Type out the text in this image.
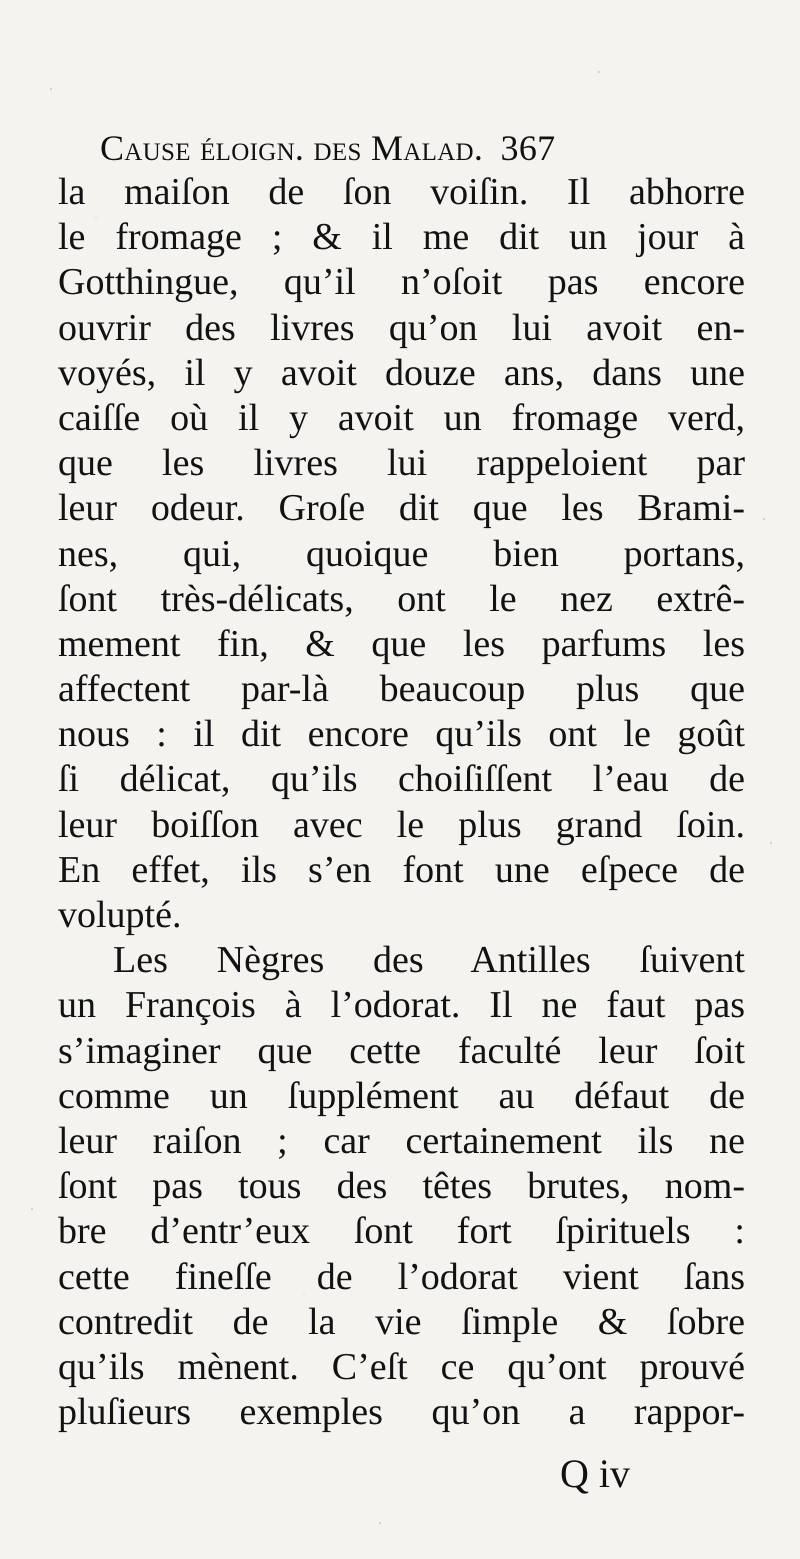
Cause éloign. des Malad. 367
la maiſon de ſon voiſin. Il abhorre
le fromage ; & il me dit un jour à
Gotthingue, qu’il n’oſoit pas encore
ouvrir des livres qu’on lui avoit en-
voyés, il y avoit douze ans, dans une
caiſſe où il y avoit un fromage verd,
que les livres lui rappeloient par
leur odeur. Groſe dit que les Brami-
nes, qui, quoique bien portans,
ſont très-délicats, ont le nez extrê-
mement fin, & que les parfums les
affectent par-là beaucoup plus que
nous : il dit encore qu’ils ont le goût
ſi délicat, qu’ils choiſiſſent l’eau de
leur boiſſon avec le plus grand ſoin.
En effet, ils s’en font une eſpece de
volupté.
Les Nègres des Antilles ſuivent
un François à l’odorat. Il ne faut pas
s’imaginer que cette faculté leur ſoit
comme un ſupplément au défaut de
leur raiſon ; car certainement ils ne
ſont pas tous des têtes brutes, nom-
bre d’entr’eux ſont fort ſpirituels :
cette fineſſe de l’odorat vient ſans
contredit de la vie ſimple & ſobre
qu’ils mènent. C’eſt ce qu’ont prouvé
pluſieurs exemples qu’on a rappor-
Q iv
